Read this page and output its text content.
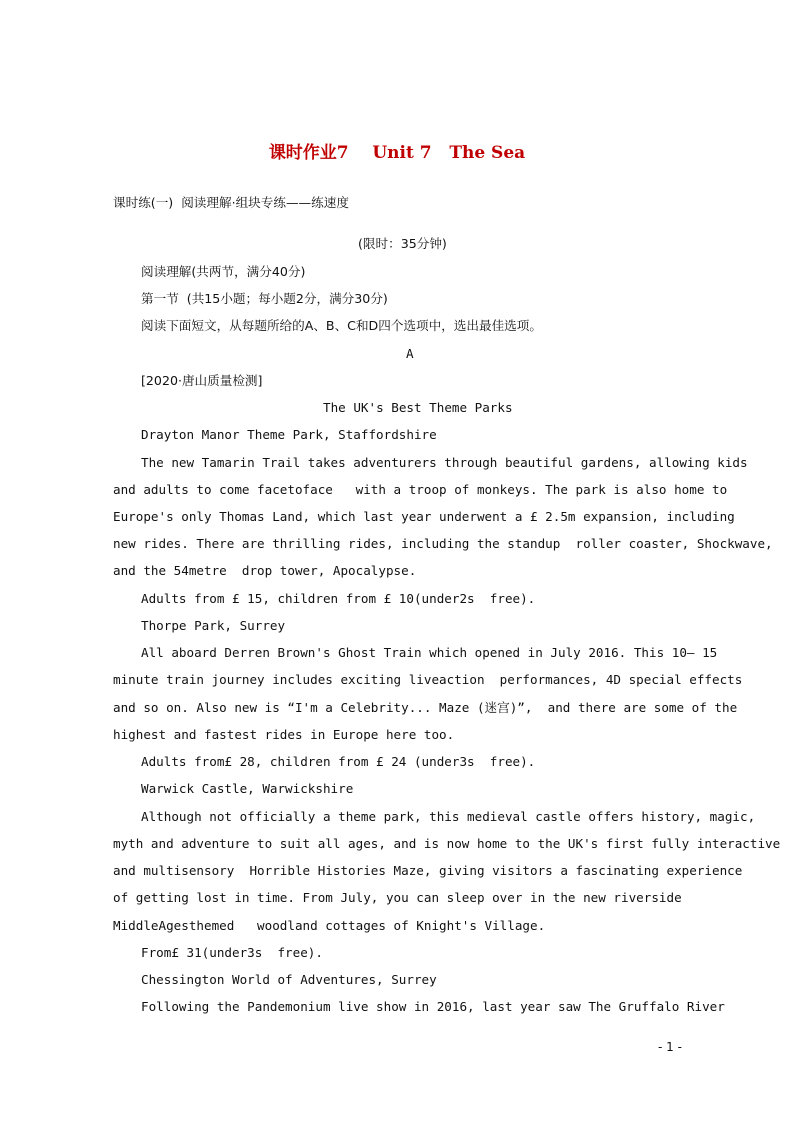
课时作业7    Unit 7   The Sea
课时练(一)  阅读理解·组块专练——练速度
(限时：35分钟)
阅读理解(共两节，满分40分)
第一节  (共15小题；每小题2分，满分30分)
阅读下面短文，从每题所给的A、B、C和D四个选项中，选出最佳选项。
A
[2020·唐山质量检测]
The UK's Best Theme Parks
Drayton Manor Theme Park, Staffordshire
The new Tamarin Trail takes adventurers through beautiful gardens, allowing kids
and adults to come facetoface   with a troop of monkeys. The park is also home to
Europe's only Thomas Land, which last year underwent a £ 2.5m expansion, including
new rides. There are thrilling rides, including the standup  roller coaster, Shockwave,
and the 54metre  drop tower, Apocalypse.
Adults from £ 15, children from £ 10(under2s  free).
Thorpe Park, Surrey
All aboard Derren Brown's Ghost Train which opened in July 2016. This 10— 15
minute train journey includes exciting liveaction  performances, 4D special effects
and so on. Also new is “I'm a Celebrity... Maze (迷宫)”,  and there are some of the
highest and fastest rides in Europe here too.
Adults from£ 28, children from £ 24 (under3s  free).
Warwick Castle, Warwickshire
Although not officially a theme park, this medieval castle offers history, magic,
myth and adventure to suit all ages, and is now home to the UK's first fully interactive
and multisensory  Horrible Histories Maze, giving visitors a fascinating experience
of getting lost in time. From July, you can sleep over in the new riverside
MiddleAgesthemed   woodland cottages of Knight's Village.
From£ 31(under3s  free).
Chessington World of Adventures, Surrey
Following the Pandemonium live show in 2016, last year saw The Gruffalo River
- 1 -
